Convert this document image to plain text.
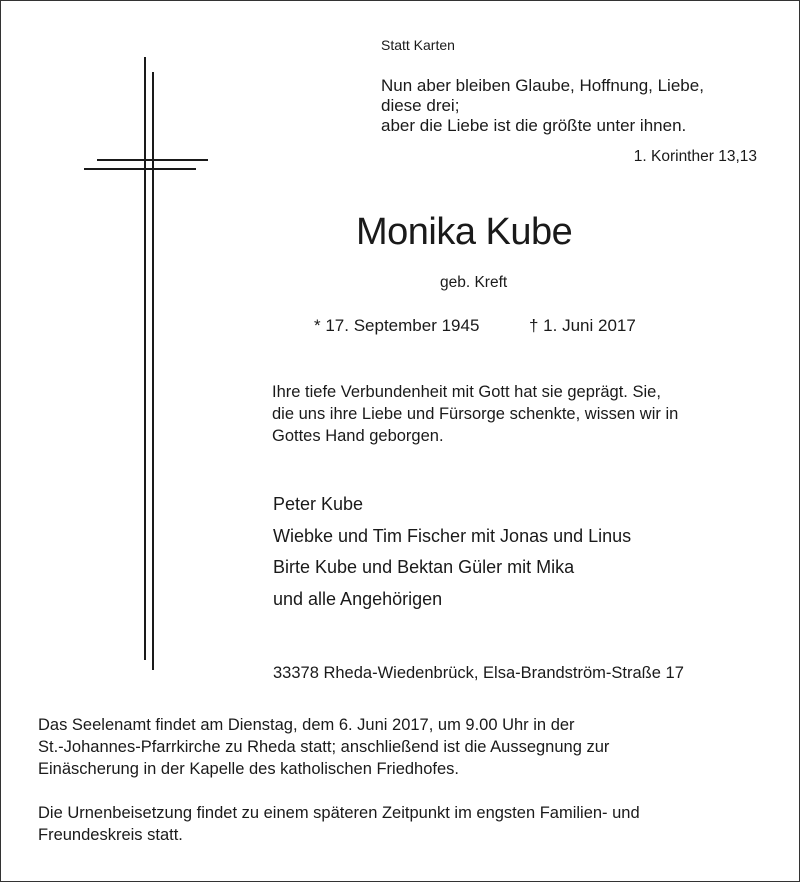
Statt Karten
Nun aber bleiben Glaube, Hoffnung, Liebe,
diese drei;
aber die Liebe ist die größte unter ihnen.
1. Korinther 13,13
Monika Kube
geb. Kreft
* 17. September 1945	† 1. Juni 2017
Ihre tiefe Verbundenheit mit Gott hat sie geprägt. Sie,
die uns ihre Liebe und Fürsorge schenkte, wissen wir in
Gottes Hand geborgen.
Peter Kube
Wiebke und Tim Fischer mit Jonas und Linus
Birte Kube und Bektan Güler mit Mika
und alle Angehörigen
33378 Rheda-Wiedenbrück, Elsa-Brandström-Straße 17
Das Seelenamt findet am Dienstag, dem 6. Juni 2017, um 9.00 Uhr in der
St.-Johannes-Pfarrkirche zu Rheda statt; anschließend ist die Aussegnung zur
Einäscherung in der Kapelle des katholischen Friedhofes.
Die Urnenbeisetzung findet zu einem späteren Zeitpunkt im engsten Familien- und
Freundeskreis statt.
